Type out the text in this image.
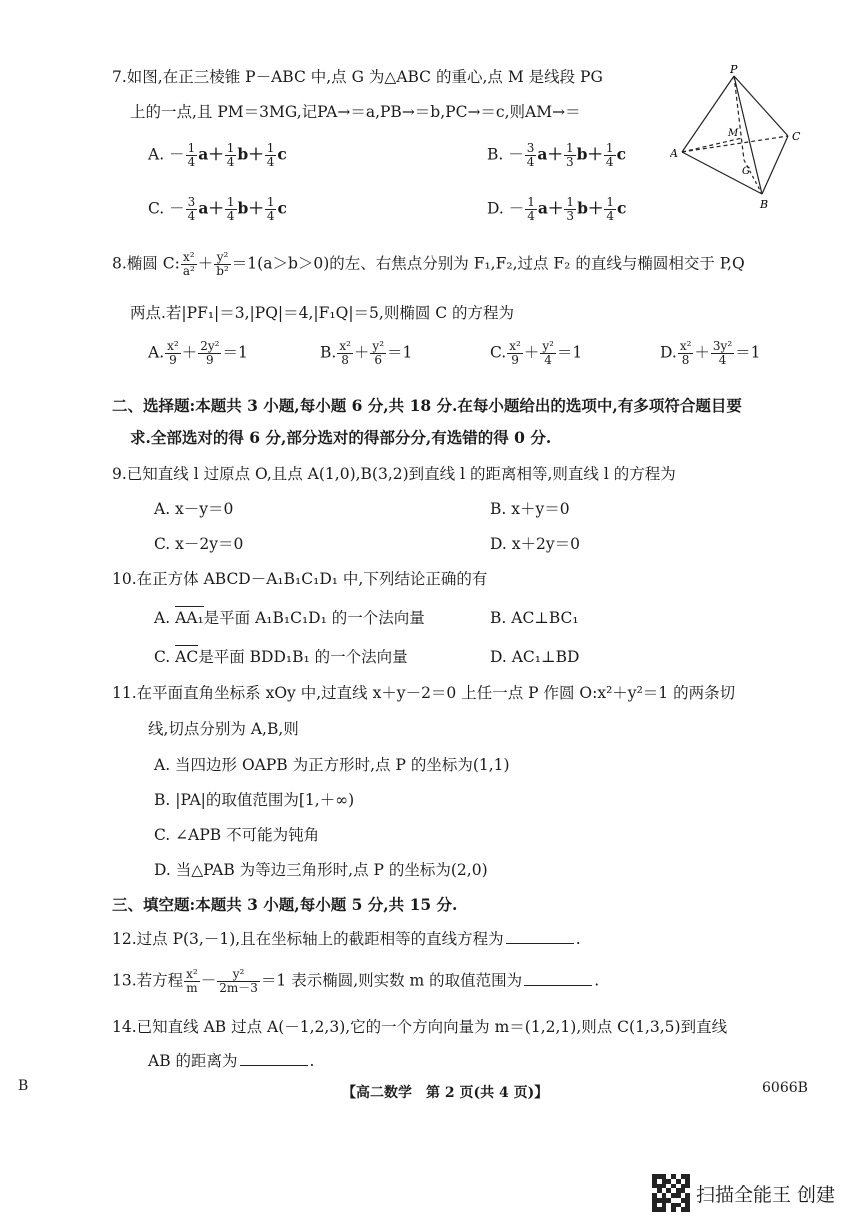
7.如图,在正三棱锥 P－ABC 中,点 G 为△ABC 的重心,点 M 是线段 PG
上的一点,且 PM＝3MG,记PA→＝a,PB→＝b,PC→＝c,则AM→＝
A. － $\frac{1}{4} a+ \frac{1}{4} b+ \frac{1}{4}$ c	B. － $\frac{3}{4} a+ \frac{1}{3} b+ \frac{1}{4}$ c
C. － $\frac{3}{4} a+ \frac{1}{4} b+ \frac{1}{4}$ c	D. － $\frac{1}{4} a+ \frac{1}{3} b+ \frac{1}{4}$ c
P
A
B
C
M
G
8.椭圆 C: $\frac{\text{x²}}{\text{a²}} + \frac{\text{y²}}{\text{b²}} =1(a>b>0)$的左、右焦点分别为 F₁,F₂,过点 F₂ 的直线与椭圆相交于 P,Q
两点.若|PF₁|＝3,|PQ|＝4,|F₁Q|＝5,则椭圆 C 的方程为
A. $\frac{\text{x²}}{9} + \frac{\text{2y²}}{9} =1$	B. $\frac{\text{x²}}{8} + \frac{\text{y²}}{6} =1$	C. $\frac{\text{x²}}{9} + \frac{\text{y²}}{4} =1$	D. $\frac{\text{x²}}{8} + \frac{\text{3y²}}{4} =1$
二、选择题:本题共 3 小题,每小题 6 分,共 18 分.在每小题给出的选项中,有多项符合题目要
求.全部选对的得 6 分,部分选对的得部分分,有选错的得 0 分.
9.已知直线 l 过原点 O,且点 A(1,0),B(3,2)到直线 l 的距离相等,则直线 l 的方程为
A. x－y＝0	B. x＋y＝0
C. x－2y＝0	D. x＋2y＝0
10.在正方体 ABCD－A₁B₁C₁D₁ 中,下列结论正确的有
A. AA₁是平面 A₁B₁C₁D₁ 的一个法向量	B. AC⊥BC₁
C. AC是平面 BDD₁B₁ 的一个法向量	D. AC₁⊥BD
11.在平面直角坐标系 xOy 中,过直线 x＋y－2＝0 上任一点 P 作圆 O:x²＋y²＝1 的两条切
线,切点分别为 A,B,则
A. 当四边形 OAPB 为正方形时,点 P 的坐标为(1,1)
B. |PA|的取值范围为[1,＋∞)
C. ∠APB 不可能为钝角
D. 当△PAB 为等边三角形时,点 P 的坐标为(2,0)
三、填空题:本题共 3 小题,每小题 5 分,共 15 分.
12.过点 P(3,－1),且在坐标轴上的截距相等的直线方程为	.
13.若方程 $\frac{\text{x²}}{m} - \frac{\text{y²}}{2m-3} =1$ 表示椭圆,则实数 m 的取值范围为	.
14.已知直线 AB 过点 A(－1,2,3),它的一个方向向量为 m＝(1,2,1),则点 C(1,3,5)到直线
AB 的距离为	.
B	【高二数学　第 2 页(共 4 页)】	6066B
扫描全能王 创建
